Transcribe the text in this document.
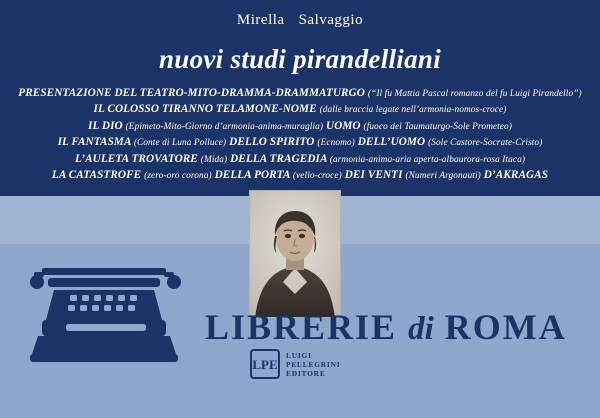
Mirella Salvaggio
nuovi studi pirandelliani
PRESENTAZIONE DEL TEATRO-MITO-DRAMMA-DRAMMATURGO (“Il fu Mattia Pascal romanzo del fu Luigi Pirandello”)
IL COLOSSO TIRANNO TELAMONE-NOME (dalle braccia legate nell’armonia-nomos-croce)
IL DIO (Epimeto-Mito-Giorno d’armonia-anima-muraglia) UOMO (fuoco del Taumaturgo-Sole Prometeo)
IL FANTASMA (Conte di Luna Polluce) DELLO SPIRITO (Ecnomo) DELL’UOMO (Sole Castore-Socrate-Cristo)
L’AULETA TROVATORE (Mida) DELLA TRAGEDIA (armonia-anima-aria aperta-albaurora-rosa Itaca)
LA CATASTROFE (zero-oro corona) DELLA PORTA (vello-croce) DEI VENTI (Numeri Argonauti) D’AKRAGAS
LIBRERIE di ROMA
LPE
LUIGI
PELLEGRINI
EDITORE
